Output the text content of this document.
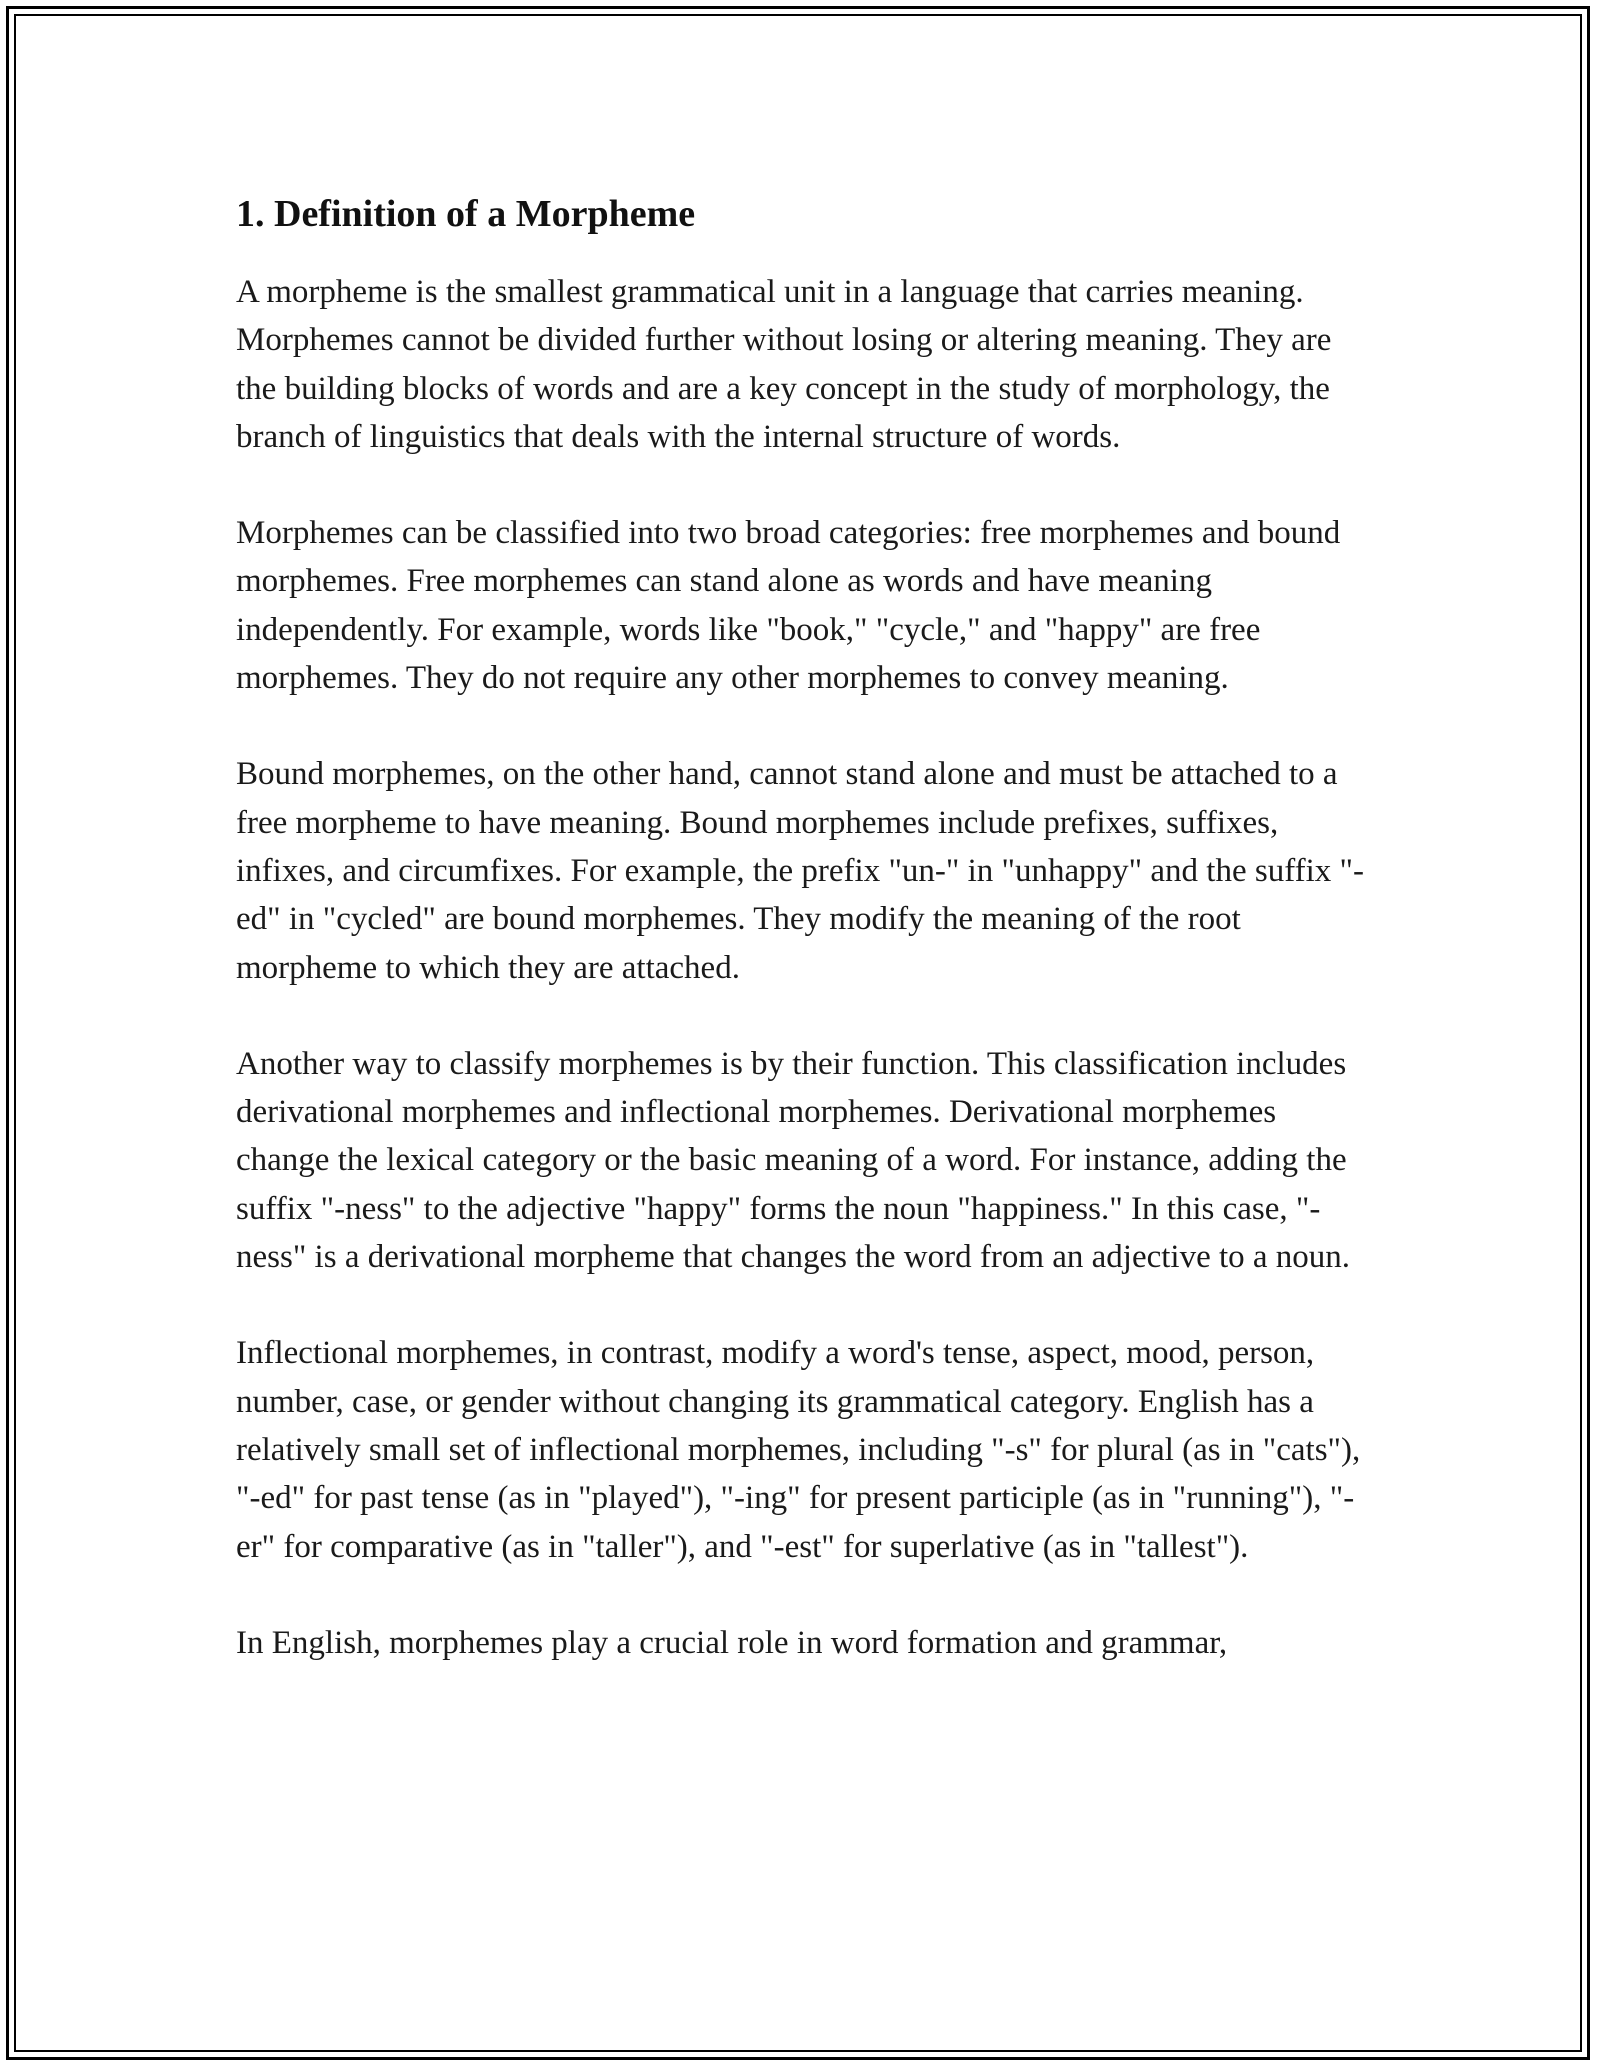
1. Definition of a Morpheme

A morpheme is the smallest grammatical unit in a language that carries meaning. Morphemes cannot be divided further without losing or altering meaning. They are the building blocks of words and are a key concept in the study of morphology, the branch of linguistics that deals with the internal structure of words.

Morphemes can be classified into two broad categories: free morphemes and bound morphemes. Free morphemes can stand alone as words and have meaning independently. For example, words like "book," "cycle," and "happy" are free morphemes. They do not require any other morphemes to convey meaning.

Bound morphemes, on the other hand, cannot stand alone and must be attached to a free morpheme to have meaning. Bound morphemes include prefixes, suffixes, infixes, and circumfixes. For example, the prefix "un-" in "unhappy" and the suffix "-ed" in "cycled" are bound morphemes. They modify the meaning of the root morpheme to which they are attached.

Another way to classify morphemes is by their function. This classification includes derivational morphemes and inflectional morphemes. Derivational morphemes change the lexical category or the basic meaning of a word. For instance, adding the suffix "-ness" to the adjective "happy" forms the noun "happiness." In this case, "-ness" is a derivational morpheme that changes the word from an adjective to a noun.

Inflectional morphemes, in contrast, modify a word's tense, aspect, mood, person, number, case, or gender without changing its grammatical category. English has a relatively small set of inflectional morphemes, including "-s" for plural (as in "cats"), "-ed" for past tense (as in "played"), "-ing" for present participle (as in "running"), "-er" for comparative (as in "taller"), and "-est" for superlative (as in "tallest").

In English, morphemes play a crucial role in word formation and grammar,
